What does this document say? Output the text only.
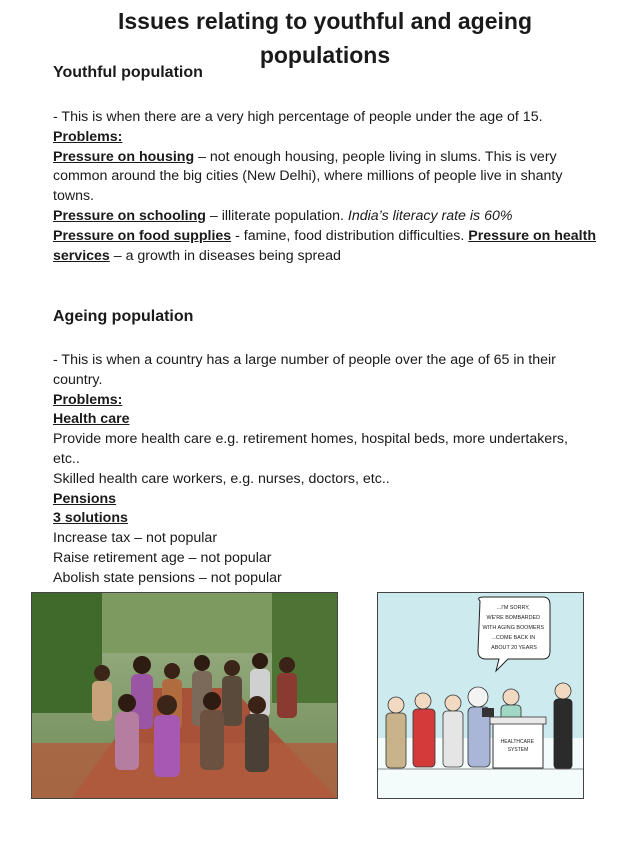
Issues relating to youthful and ageing populations
Youthful population
- This is when there are a very high percentage of people under the age of 15.
Problems:
Pressure on housing – not enough housing, people living in slums. This is very common around the big cities (New Delhi), where millions of people live in shanty towns.
Pressure on schooling – illiterate population. India’s literacy rate is 60%
Pressure on food supplies - famine, food distribution difficulties. Pressure on health services – a growth in diseases being spread
Ageing population
- This is when a country has a large number of people over the age of 65 in their country.
Problems:
Health care
Provide more health care e.g. retirement homes, hospital beds, more undertakers, etc..
Skilled health care workers, e.g. nurses, doctors, etc..
Pensions
3 solutions
Increase tax – not popular
Raise retirement age – not popular
Abolish state pensions – not popular
...I'M SORRY, WE'RE BOMBARDED WITH AGING BOOMERS ...COME BACK IN ABOUT 20 YEARS
HEALTHCARE SYSTEM
